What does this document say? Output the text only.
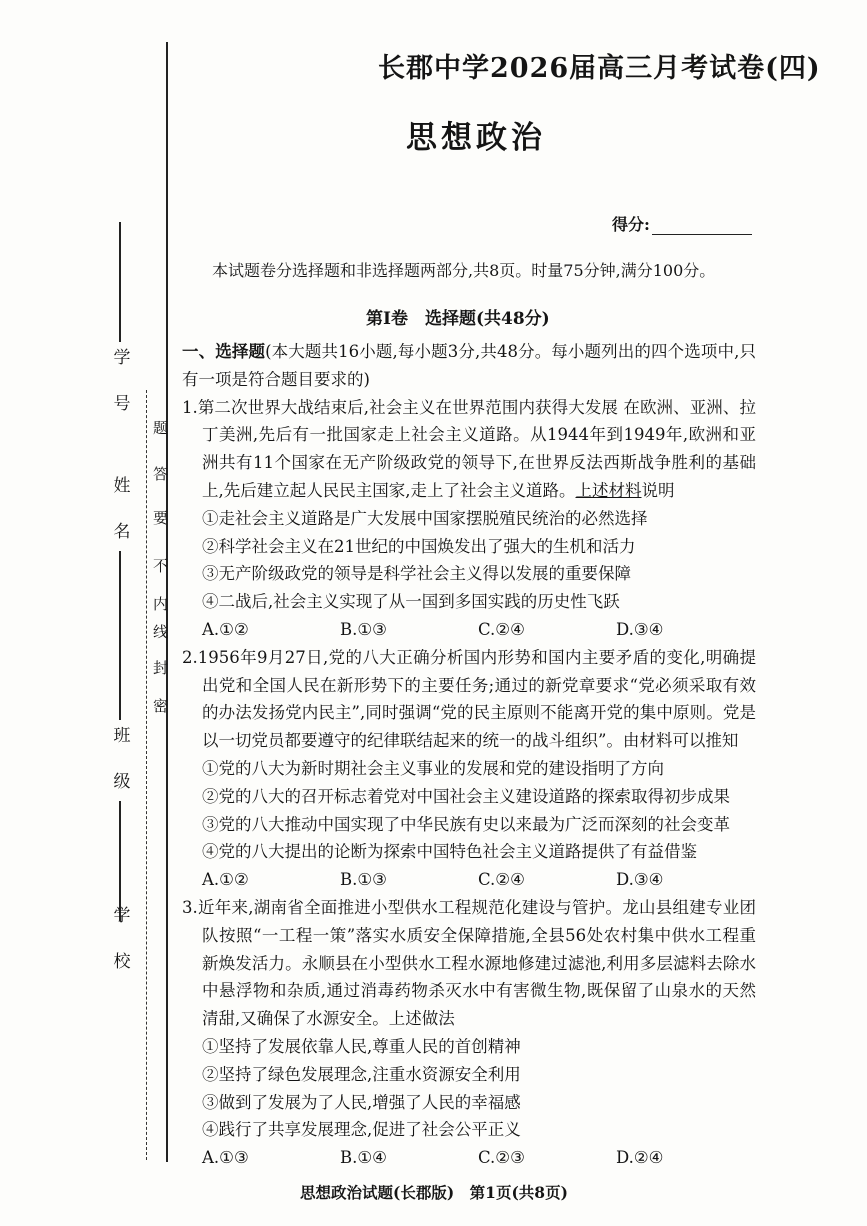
学　号
姓　名
班　级
学　校
密
封
线
内
不
要
答
题
长郡中学2026届高三月考试卷(四)
思想政治
得分:
本试题卷分选择题和非选择题两部分,共8页。时量75分钟,满分100分。
第Ⅰ卷　选择题(共48分)

一、选择题(本大题共16小题,每小题3分,共48分。每小题列出的四个选项中,只有一项是符合题目要求的)

1.第二次世界大战结束后,社会主义在世界范围内获得大发展 在欧洲、亚洲、拉丁美洲,先后有一批国家走上社会主义道路。从1944年到1949年,欧洲和亚洲共有11个国家在无产阶级政党的领导下,在世界反法西斯战争胜利的基础上,先后建立起人民民主国家,走上了社会主义道路。上述材料说明

①走社会主义道路是广大发展中国家摆脱殖民统治的必然选择

②科学社会主义在21世纪的中国焕发出了强大的生机和活力

③无产阶级政党的领导是科学社会主义得以发展的重要保障

④二战后,社会主义实现了从一国到多国实践的历史性飞跃

A.①②	B.①③	C.②④	D.③④

2.1956年9月27日,党的八大正确分析国内形势和国内主要矛盾的变化,明确提出党和全国人民在新形势下的主要任务;通过的新党章要求“党必须采取有效的办法发扬党内民主”,同时强调“党的民主原则不能离开党的集中原则。党是以一切党员都要遵守的纪律联结起来的统一的战斗组织”。由材料可以推知

①党的八大为新时期社会主义事业的发展和党的建设指明了方向

②党的八大的召开标志着党对中国社会主义建设道路的探索取得初步成果

③党的八大推动中国实现了中华民族有史以来最为广泛而深刻的社会变革

④党的八大提出的论断为探索中国特色社会主义道路提供了有益借鉴

A.①②	B.①③	C.②④	D.③④

3.近年来,湖南省全面推进小型供水工程规范化建设与管护。龙山县组建专业团队按照“一工程一策”落实水质安全保障措施,全县56处农村集中供水工程重新焕发活力。永顺县在小型供水工程水源地修建过滤池,利用多层滤料去除水中悬浮物和杂质,通过消毒药物杀灭水中有害微生物,既保留了山泉水的天然清甜,又确保了水源安全。上述做法

①坚持了发展依靠人民,尊重人民的首创精神

②坚持了绿色发展理念,注重水资源安全利用

③做到了发展为了人民,增强了人民的幸福感

④践行了共享发展理念,促进了社会公平正义

A.①③	B.①④	C.②③	D.②④
思想政治试题(长郡版)　第1页(共8页)
